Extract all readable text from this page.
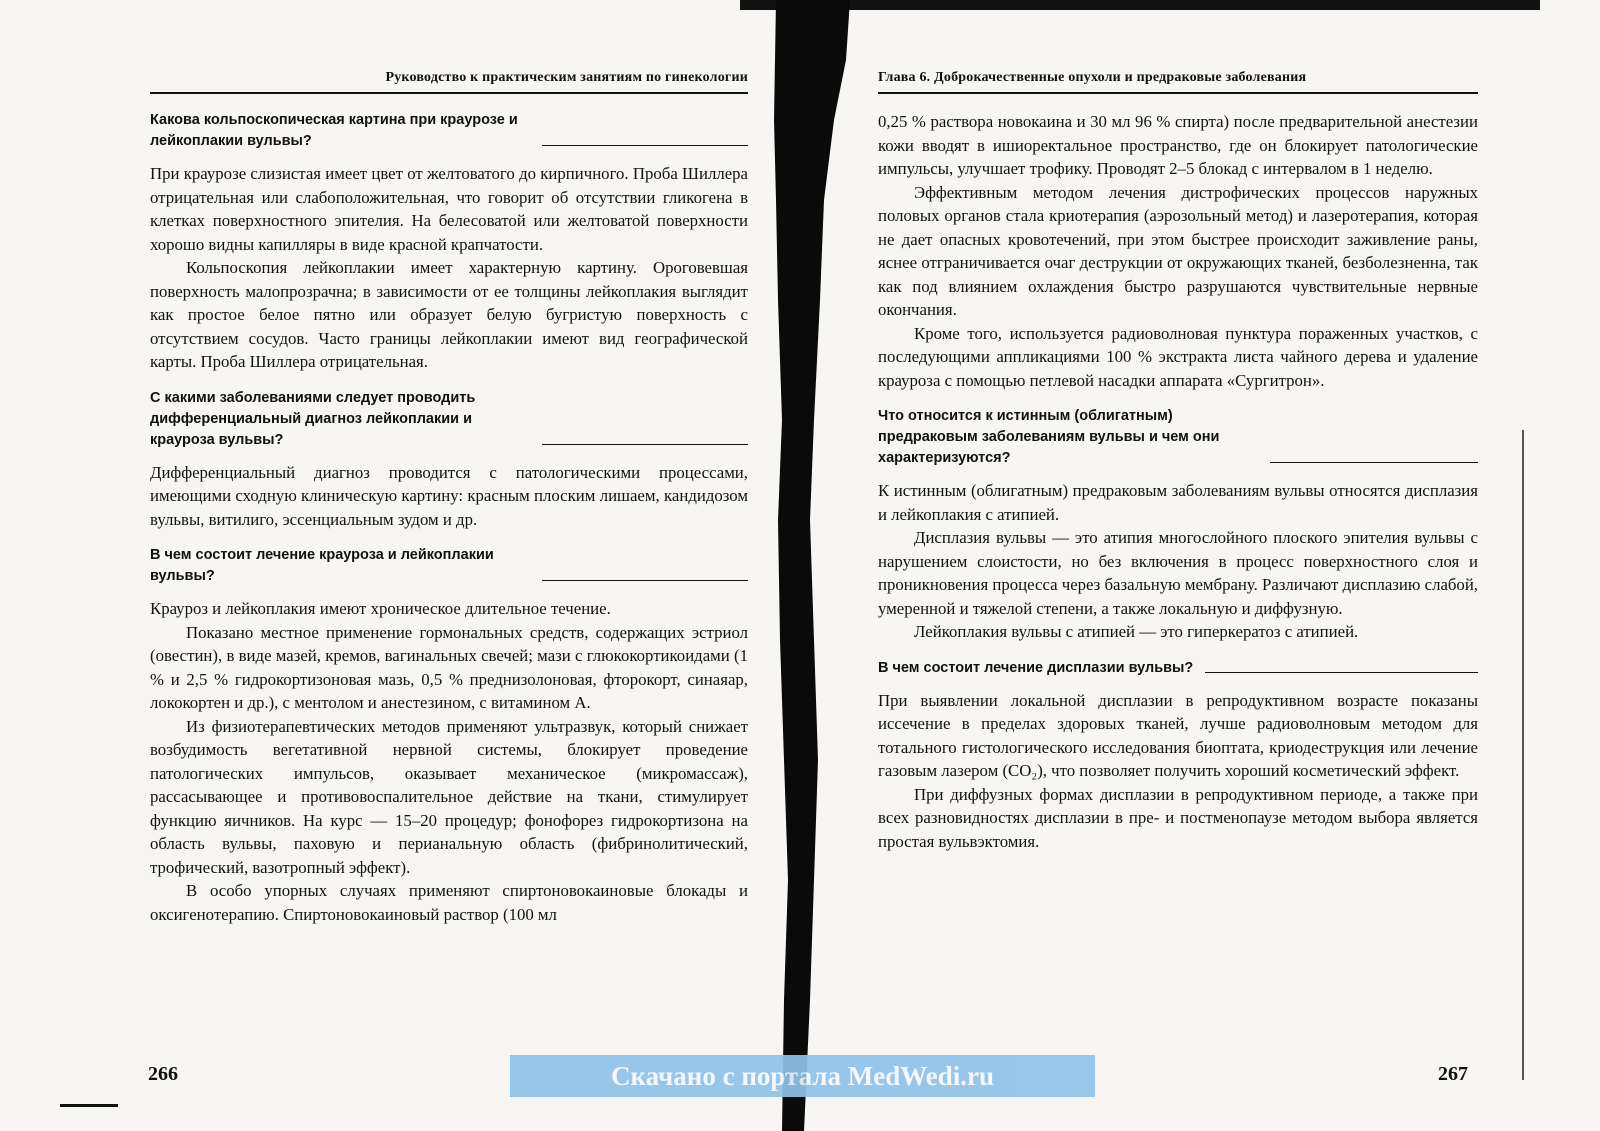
Руководство к практическим занятиям по гинекологии
Какова кольпоскопическая картина при краурозе и лейкоплакии вульвы?

При краурозе слизистая имеет цвет от желтоватого до кирпичного. Проба Шиллера отрицательная или слабоположительная, что говорит об отсутствии гликогена в клетках поверхностного эпителия. На белесоватой или желтоватой поверхности хорошо видны капилляры в виде красной крапчатости.

Кольпоскопия лейкоплакии имеет характерную картину. Ороговевшая поверхность малопрозрачна; в зависимости от ее толщины лейкоплакия выглядит как простое белое пятно или образует белую бугристую поверхность с отсутствием сосудов. Часто границы лейкоплакии имеют вид географической карты. Проба Шиллера отрицательная.

С какими заболеваниями следует проводить дифференциальный диагноз лейкоплакии и крауроза вульвы?

Дифференциальный диагноз проводится с патологическими процессами, имеющими сходную клиническую картину: красным плоским лишаем, кандидозом вульвы, витилиго, эссенциальным зудом и др.

В чем состоит лечение крауроза и лейкоплакии вульвы?

Крауроз и лейкоплакия имеют хроническое длительное течение.

Показано местное применение гормональных средств, содержащих эстриол (овестин), в виде мазей, кремов, вагинальных свечей; мази с глюкокортикоидами (1 % и 2,5 % гидрокортизоновая мазь, 0,5 % преднизолоновая, фторокорт, синаяар, лококортен и др.), с ментолом и анестезином, с витамином А.

Из физиотерапевтических методов применяют ультразвук, который снижает возбудимость вегетативной нервной системы, блокирует проведение патологических импульсов, оказывает механическое (микромассаж), рассасывающее и противовоспалительное действие на ткани, стимулирует функцию яичников. На курс — 15–20 процедур; фонофорез гидрокортизона на область вульвы, паховую и перианальную область (фибринолитический, трофический, вазотропный эффект).

В особо упорных случаях применяют спиртоновокаиновые блокады и оксигенотерапию. Спиртоновокаиновый раствор (100 мл

Глава 6. Доброкачественные опухоли и предраковые заболевания

0,25 % раствора новокаина и 30 мл 96 % спирта) после предварительной анестезии кожи вводят в ишиоректальное пространство, где он блокирует патологические импульсы, улучшает трофику. Проводят 2–5 блокад с интервалом в 1 неделю.

Эффективным методом лечения дистрофических процессов наружных половых органов стала криотерапия (аэрозольный метод) и лазеротерапия, которая не дает опасных кровотечений, при этом быстрее происходит заживление раны, яснее отграничивается очаг деструкции от окружающих тканей, безболезненна, так как под влиянием охлаждения быстро разрушаются чувствительные нервные окончания.

Кроме того, используется радиоволновая пунктура пораженных участков, с последующими аппликациями 100 % экстракта листа чайного дерева и удаление крауроза с помощью петлевой насадки аппарата «Сургитрон».

Что относится к истинным (облигатным) предраковым заболеваниям вульвы и чем они характеризуются?

К истинным (облигатным) предраковым заболеваниям вульвы относятся дисплазия и лейкоплакия с атипией.

Дисплазия вульвы — это атипия многослойного плоского эпителия вульвы с нарушением слоистости, но без включения в процесс поверхностного слоя и проникновения процесса через базальную мембрану. Различают дисплазию слабой, умеренной и тяжелой степени, а также локальную и диффузную.

Лейкоплакия вульвы с атипией — это гиперкератоз с атипией.

В чем состоит лечение дисплазии вульвы?

При выявлении локальной дисплазии в репродуктивном возрасте показаны иссечение в пределах здоровых тканей, лучше радиоволновым методом для тотального гистологического исследования биоптата, криодеструкция или лечение газовым лазером (CO₂), что позволяет получить хороший косметический эффект.

При диффузных формах дисплазии в репродуктивном периоде, а также при всех разновидностях дисплазии в пре- и постменопаузе методом выбора является простая вульвэктомия.

266	267
Скачано с портала MedWedi.ru
